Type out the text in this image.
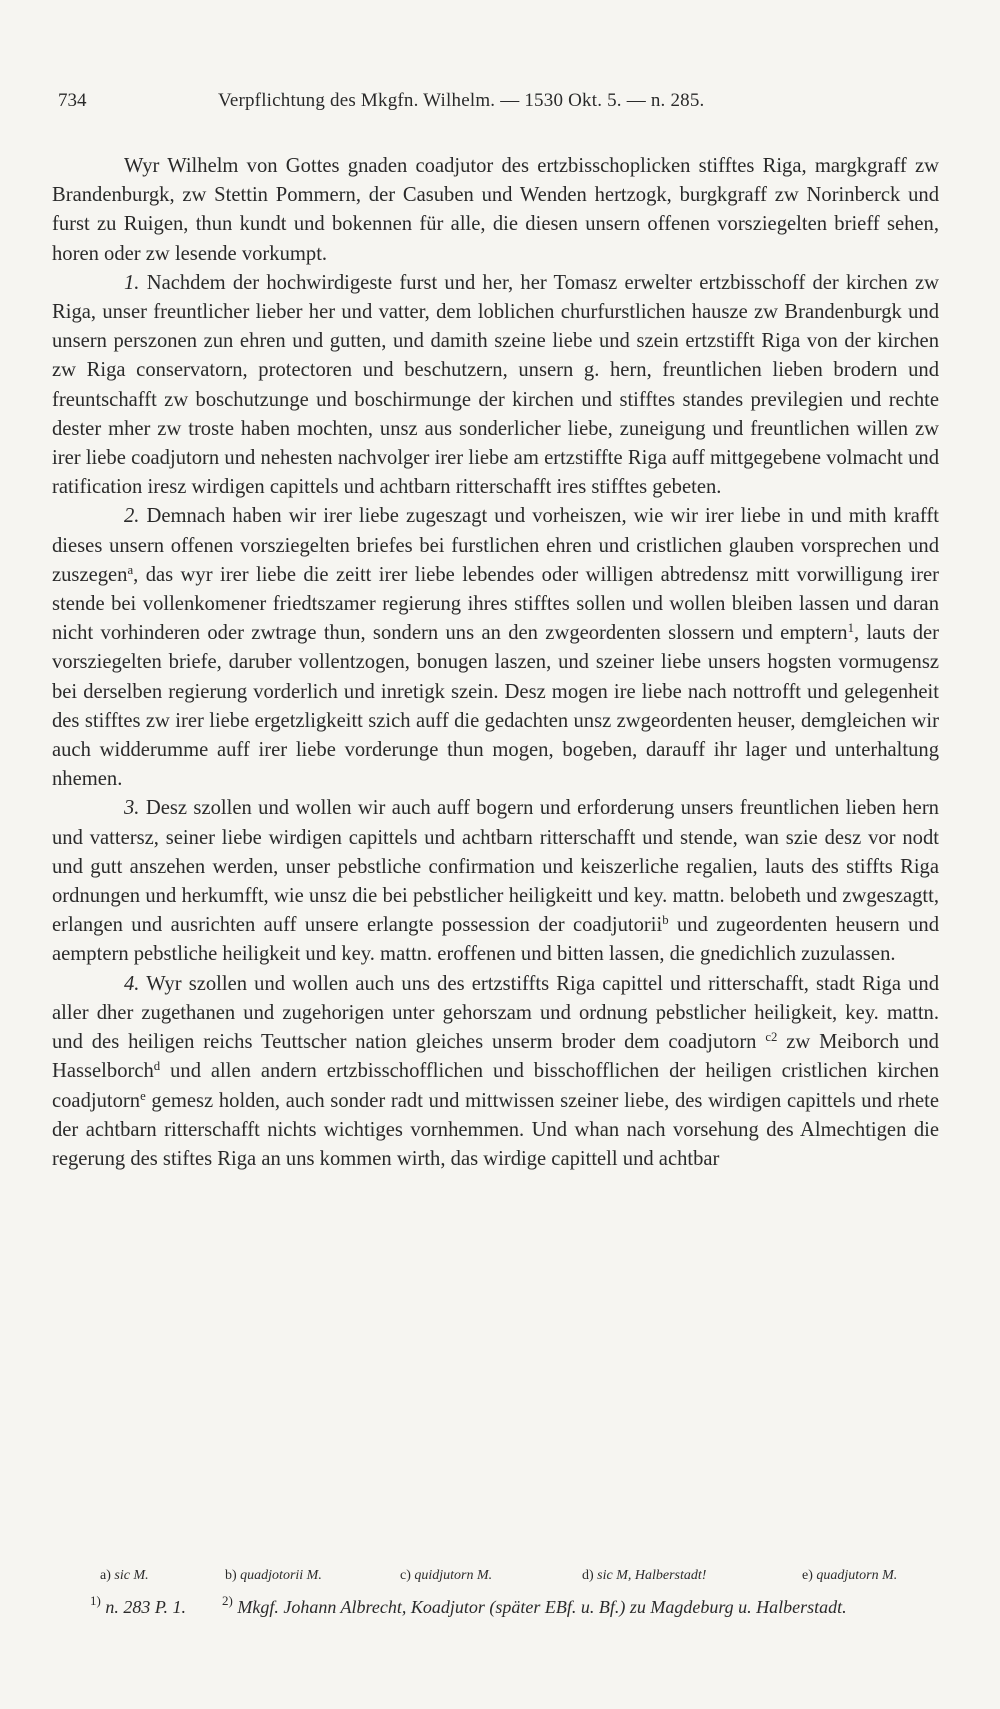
734	Verpflichtung des Mkgfn. Wilhelm. — 1530 Okt. 5. — n. 285.

Wyr Wilhelm von Gottes gnaden coadjutor des ertzbisschoplicken stifftes Riga, margkgraff zw Brandenburgk, zw Stettin Pommern, der Casuben und Wenden hertzogk, burgkgraff zw Norinberck und furst zu Ruigen, thun kundt und bokennen für alle, die diesen unsern offenen vorsziegelten brieff sehen, horen oder zw lesende vorkumpt.

1. Nachdem der hochwirdigeste furst und her, her Tomasz erwelter ertzbisschoff der kirchen zw Riga, unser freuntlicher lieber her und vatter, dem loblichen churfurstlichen hausze zw Brandenburgk und unsern perszonen zun ehren und gutten, und damith szeine liebe und szein ertzstifft Riga von der kirchen zw Riga conservatorn, protectoren und beschutzern, unsern g. hern, freuntlichen lieben brodern und freuntschafft zw boschutzunge und boschirmunge der kirchen und stifftes standes previlegien und rechte dester mher zw troste haben mochten, unsz aus sonderlicher liebe, zuneigung und freuntlichen willen zw irer liebe coadjutorn und nehesten nachvolger irer liebe am ertzstiffte Riga auff mittgegebene volmacht und ratification iresz wirdigen capittels und achtbarn ritterschafft ires stifftes gebeten.

2. Demnach haben wir irer liebe zugeszagt und vorheiszen, wie wir irer liebe in und mith krafft dieses unsern offenen vorsziegelten briefes bei furstlichen ehren und cristlichen glauben vorsprechen und zuszegen$^a$, das wyr irer liebe die zeitt irer liebe lebendes oder willigen abtredensz mitt vorwilligung irer stende bei vollenkomener friedtszamer regierung ihres stifftes sollen und wollen bleiben lassen und daran nicht vorhinderen oder zwtrage thun, sondern uns an den zwgeordenten slossern und emptern$^1$, lauts der vorsziegelten briefe, daruber vollentzogen, bonugen laszen, und szeiner liebe unsers hogsten vormugensz bei derselben regierung vorderlich und inretigk szein. Desz mogen ire liebe nach nottrofft und gelegenheit des stifftes zw irer liebe ergetzligkeitt szich auff die gedachten unsz zwgeordenten heuser, demgleichen wir auch widderumme auff irer liebe vorderunge thun mogen, bogeben, darauff ihr lager und unterhaltung nhemen.

3. Desz szollen und wollen wir auch auff bogern und erforderung unsers freuntlichen lieben hern und vattersz, seiner liebe wirdigen capittels und achtbarn ritterschafft und stende, wan szie desz vor nodt und gutt anszehen werden, unser pebstliche confirmation und keiszerliche regalien, lauts des stiffts Riga ordnungen und herkumfft, wie unsz die bei pebstlicher heiligkeitt und key. mattn. belobeth und zwgeszagtt, erlangen und ausrichten auff unsere erlangte possession der coadjutorii$^b$ und zugeordenten heusern und aemptern pebstliche heiligkeit und key. mattn. eroffenen und bitten lassen, die gnedichlich zuzulassen.

4. Wyr szollen und wollen auch uns des ertzstiffts Riga capittel und ritterschafft, stadt Riga und aller dher zugethanen und zugehorigen unter gehorszam und ordnung pebstlicher heiligkeit, key. mattn. und des heiligen reichs Teuttscher nation gleiches unserm broder dem coadjutorn $^{c2}$ zw Meiborch und Hasselborch$^d$ und allen andern ertzbisschofflichen und bisschofflichen der heiligen cristlichen kirchen coadjutorn$^e$ gemesz holden, auch sonder radt und mittwissen szeiner liebe, des wirdigen capittels und rhete der achtbarn ritterschafft nichts wichtiges vornhemmen. Und whan nach vorsehung des Almechtigen die regerung des stiftes Riga an uns kommen wirth, das wirdige capittell und achtbar

a) sic M.	b) quadjotorii M.	c) quidjutorn M.	d) sic M, Halberstadt!	e) quadjutorn M.
$^{1)}$ n. 283 P. 1.	$^{2)}$ Mkgf. Johann Albrecht, Koadjutor (später EBf. u. Bf.) zu Magdeburg u. Halberstadt.
